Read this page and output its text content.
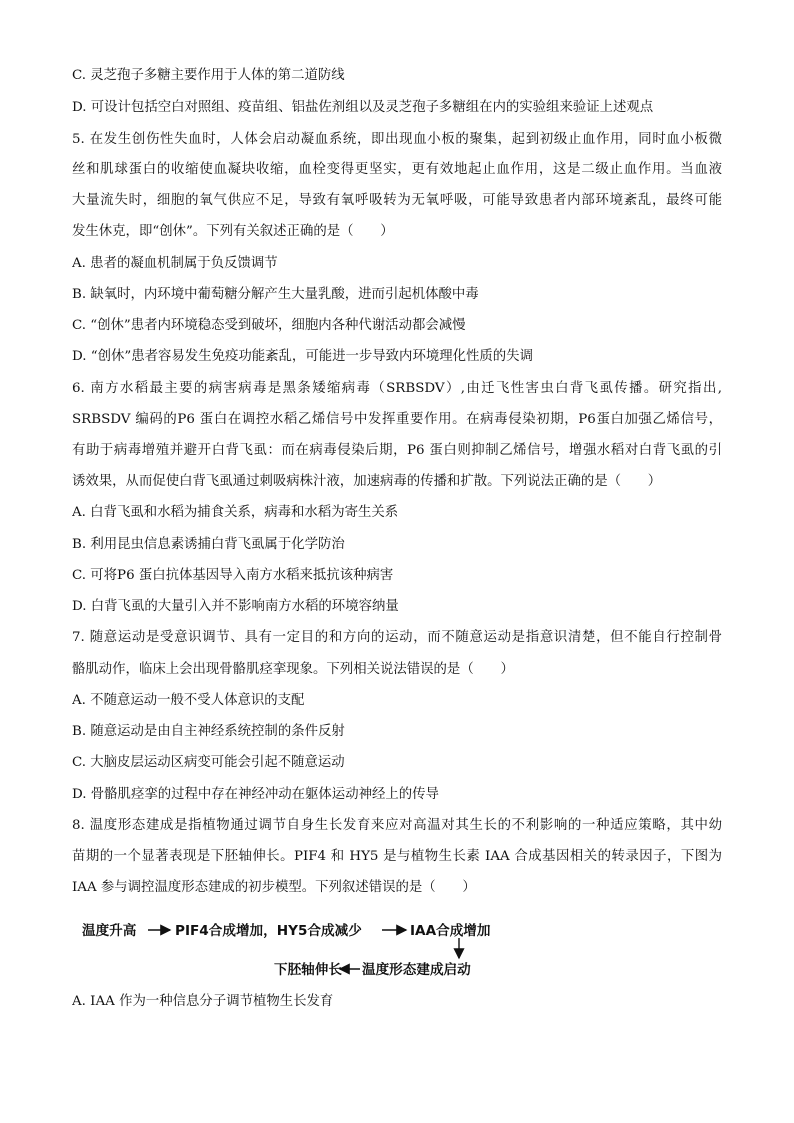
C. 灵芝孢子多糖主要作用于人体的第二道防线
D. 可设计包括空白对照组、疫苗组、铝盐佐剂组以及灵芝孢子多糖组在内的实验组来验证上述观点
5. 在发生创伤性失血时，人体会启动凝血系统，即出现血小板的聚集，起到初级止血作用，同时血小板微
丝和肌球蛋白的收缩使血凝块收缩，血栓变得更坚实，更有效地起止血作用，这是二级止血作用。当血液
大量流失时，细胞的氧气供应不足，导致有氧呼吸转为无氧呼吸，可能导致患者内部环境紊乱，最终可能
发生休克，即“创休”。下列有关叙述正确的是（　　）
A. 患者的凝血机制属于负反馈调节
B. 缺氧时，内环境中葡萄糖分解产生大量乳酸，进而引起机体酸中毒
C. “创休”患者内环境稳态受到破坏，细胞内各种代谢活动都会减慢
D. “创休”患者容易发生免疫功能紊乱，可能进一步导致内环境理化性质的失调
6. 南方水稻最主要的病害病毒是黑条矮缩病毒（SRBSDV）,由迁飞性害虫白背飞虱传播。研究指出,
SRBSDV 编码的P6 蛋白在调控水稻乙烯信号中发挥重要作用。在病毒侵染初期，P6蛋白加强乙烯信号，
有助于病毒增殖并避开白背飞虱：而在病毒侵染后期，P6 蛋白则抑制乙烯信号，增强水稻对白背飞虱的引
诱效果，从而促使白背飞虱通过刺吸病株汁液，加速病毒的传播和扩散。下列说法正确的是（　　）
A. 白背飞虱和水稻为捕食关系，病毒和水稻为寄生关系
B. 利用昆虫信息素诱捕白背飞虱属于化学防治
C. 可将P6 蛋白抗体基因导入南方水稻来抵抗该种病害
D. 白背飞虱的大量引入并不影响南方水稻的环境容纳量
7. 随意运动是受意识调节、具有一定目的和方向的运动，而不随意运动是指意识清楚，但不能自行控制骨
骼肌动作，临床上会出现骨骼肌痉挛现象。下列相关说法错误的是（　　）
A. 不随意运动一般不受人体意识的支配
B. 随意运动是由自主神经系统控制的条件反射
C. 大脑皮层运动区病变可能会引起不随意运动
D. 骨骼肌痉挛的过程中存在神经冲动在躯体运动神经上的传导
8. 温度形态建成是指植物通过调节自身生长发育来应对高温对其生长的不利影响的一种适应策略，其中幼
苗期的一个显著表现是下胚轴伸长。PIF4 和 HY5 是与植物生长素 IAA 合成基因相关的转录因子，下图为
IAA 参与调控温度形态建成的初步模型。下列叙述错误的是（　　）
温度升高	PIF4合成增加，HY5合成减少	IAA合成增加
温度形态建成启动
下胚轴伸长
A. IAA 作为一种信息分子调节植物生长发育
